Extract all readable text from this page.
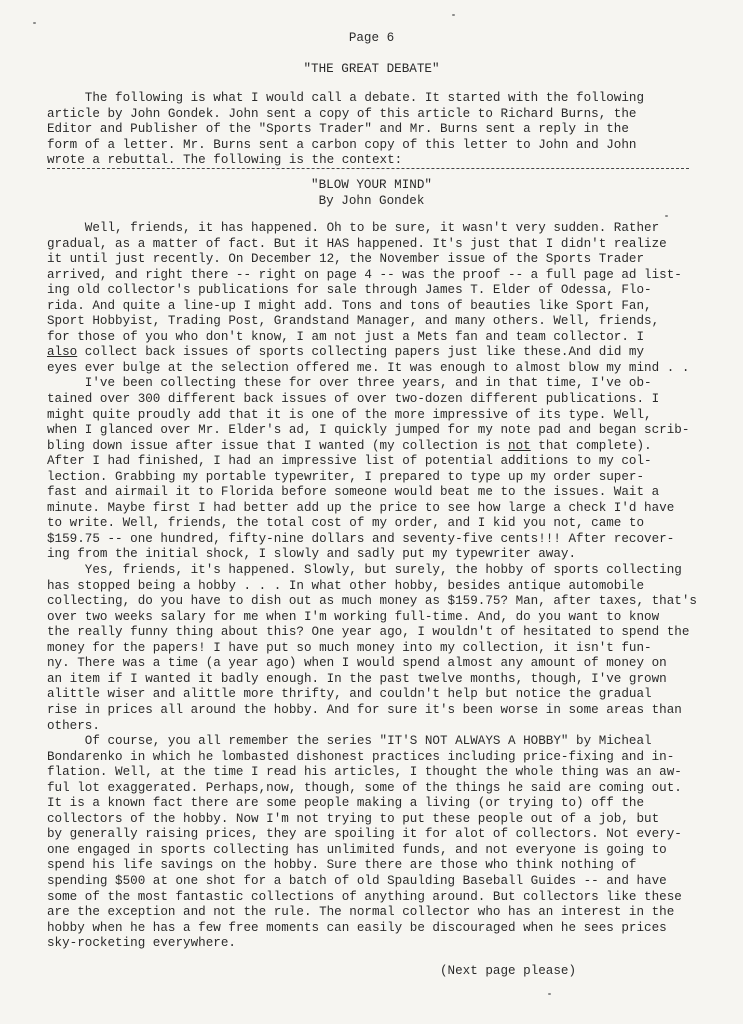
Page 6
"THE GREAT DEBATE"
The following is what I would call a debate. It started with the following
article by John Gondek. John sent a copy of this article to Richard Burns, the
Editor and Publisher of the "Sports Trader" and Mr. Burns sent a reply in the
form of a letter. Mr. Burns sent a carbon copy of this letter to John and John
wrote a rebuttal. The following is the context:
"BLOW YOUR MIND"
By John Gondek
Well, friends, it has happened. Oh to be sure, it wasn't very sudden. Rather
gradual, as a matter of fact. But it HAS happened. It's just that I didn't realize
it until just recently. On December 12, the November issue of the Sports Trader
arrived, and right there -- right on page 4 -- was the proof -- a full page ad list-
ing old collector's publications for sale through James T. Elder of Odessa, Flo-
rida. And quite a line-up I might add. Tons and tons of beauties like Sport Fan,
Sport Hobbyist, Trading Post, Grandstand Manager, and many others. Well, friends,
for those of you who don't know, I am not just a Mets fan and team collector. I
also collect back issues of sports collecting papers just like these.And did my
eyes ever bulge at the selection offered me. It was enough to almost blow my mind . .
I've been collecting these for over three years, and in that time, I've ob-
tained over 300 different back issues of over two-dozen different publications. I
might quite proudly add that it is one of the more impressive of its type. Well,
when I glanced over Mr. Elder's ad, I quickly jumped for my note pad and began scrib-
bling down issue after issue that I wanted (my collection is not that complete).
After I had finished, I had an impressive list of potential additions to my col-
lection. Grabbing my portable typewriter, I prepared to type up my order super-
fast and airmail it to Florida before someone would beat me to the issues. Wait a
minute. Maybe first I had better add up the price to see how large a check I'd have
to write. Well, friends, the total cost of my order, and I kid you not, came to
$159.75 -- one hundred, fifty-nine dollars and seventy-five cents!!! After recover-
ing from the initial shock, I slowly and sadly put my typewriter away.
Yes, friends, it's happened. Slowly, but surely, the hobby of sports collecting
has stopped being a hobby . . . In what other hobby, besides antique automobile
collecting, do you have to dish out as much money as $159.75? Man, after taxes, that's
over two weeks salary for me when I'm working full-time. And, do you want to know
the really funny thing about this? One year ago, I wouldn't of hesitated to spend the
money for the papers! I have put so much money into my collection, it isn't fun-
ny. There was a time (a year ago) when I would spend almost any amount of money on
an item if I wanted it badly enough. In the past twelve months, though, I've grown
alittle wiser and alittle more thrifty, and couldn't help but notice the gradual
rise in prices all around the hobby. And for sure it's been worse in some areas than
others.
Of course, you all remember the series "IT'S NOT ALWAYS A HOBBY" by Micheal
Bondarenko in which he lombasted dishonest practices including price-fixing and in-
flation. Well, at the time I read his articles, I thought the whole thing was an aw-
ful lot exaggerated. Perhaps,now, though, some of the things he said are coming out.
It is a known fact there are some people making a living (or trying to) off the
collectors of the hobby. Now I'm not trying to put these people out of a job, but
by generally raising prices, they are spoiling it for alot of collectors. Not every-
one engaged in sports collecting has unlimited funds, and not everyone is going to
spend his life savings on the hobby. Sure there are those who think nothing of
spending $500 at one shot for a batch of old Spaulding Baseball Guides -- and have
some of the most fantastic collections of anything around. But collectors like these
are the exception and not the rule. The normal collector who has an interest in the
hobby when he has a few free moments can easily be discouraged when he sees prices
sky-rocketing everywhere.
(Next page please)
